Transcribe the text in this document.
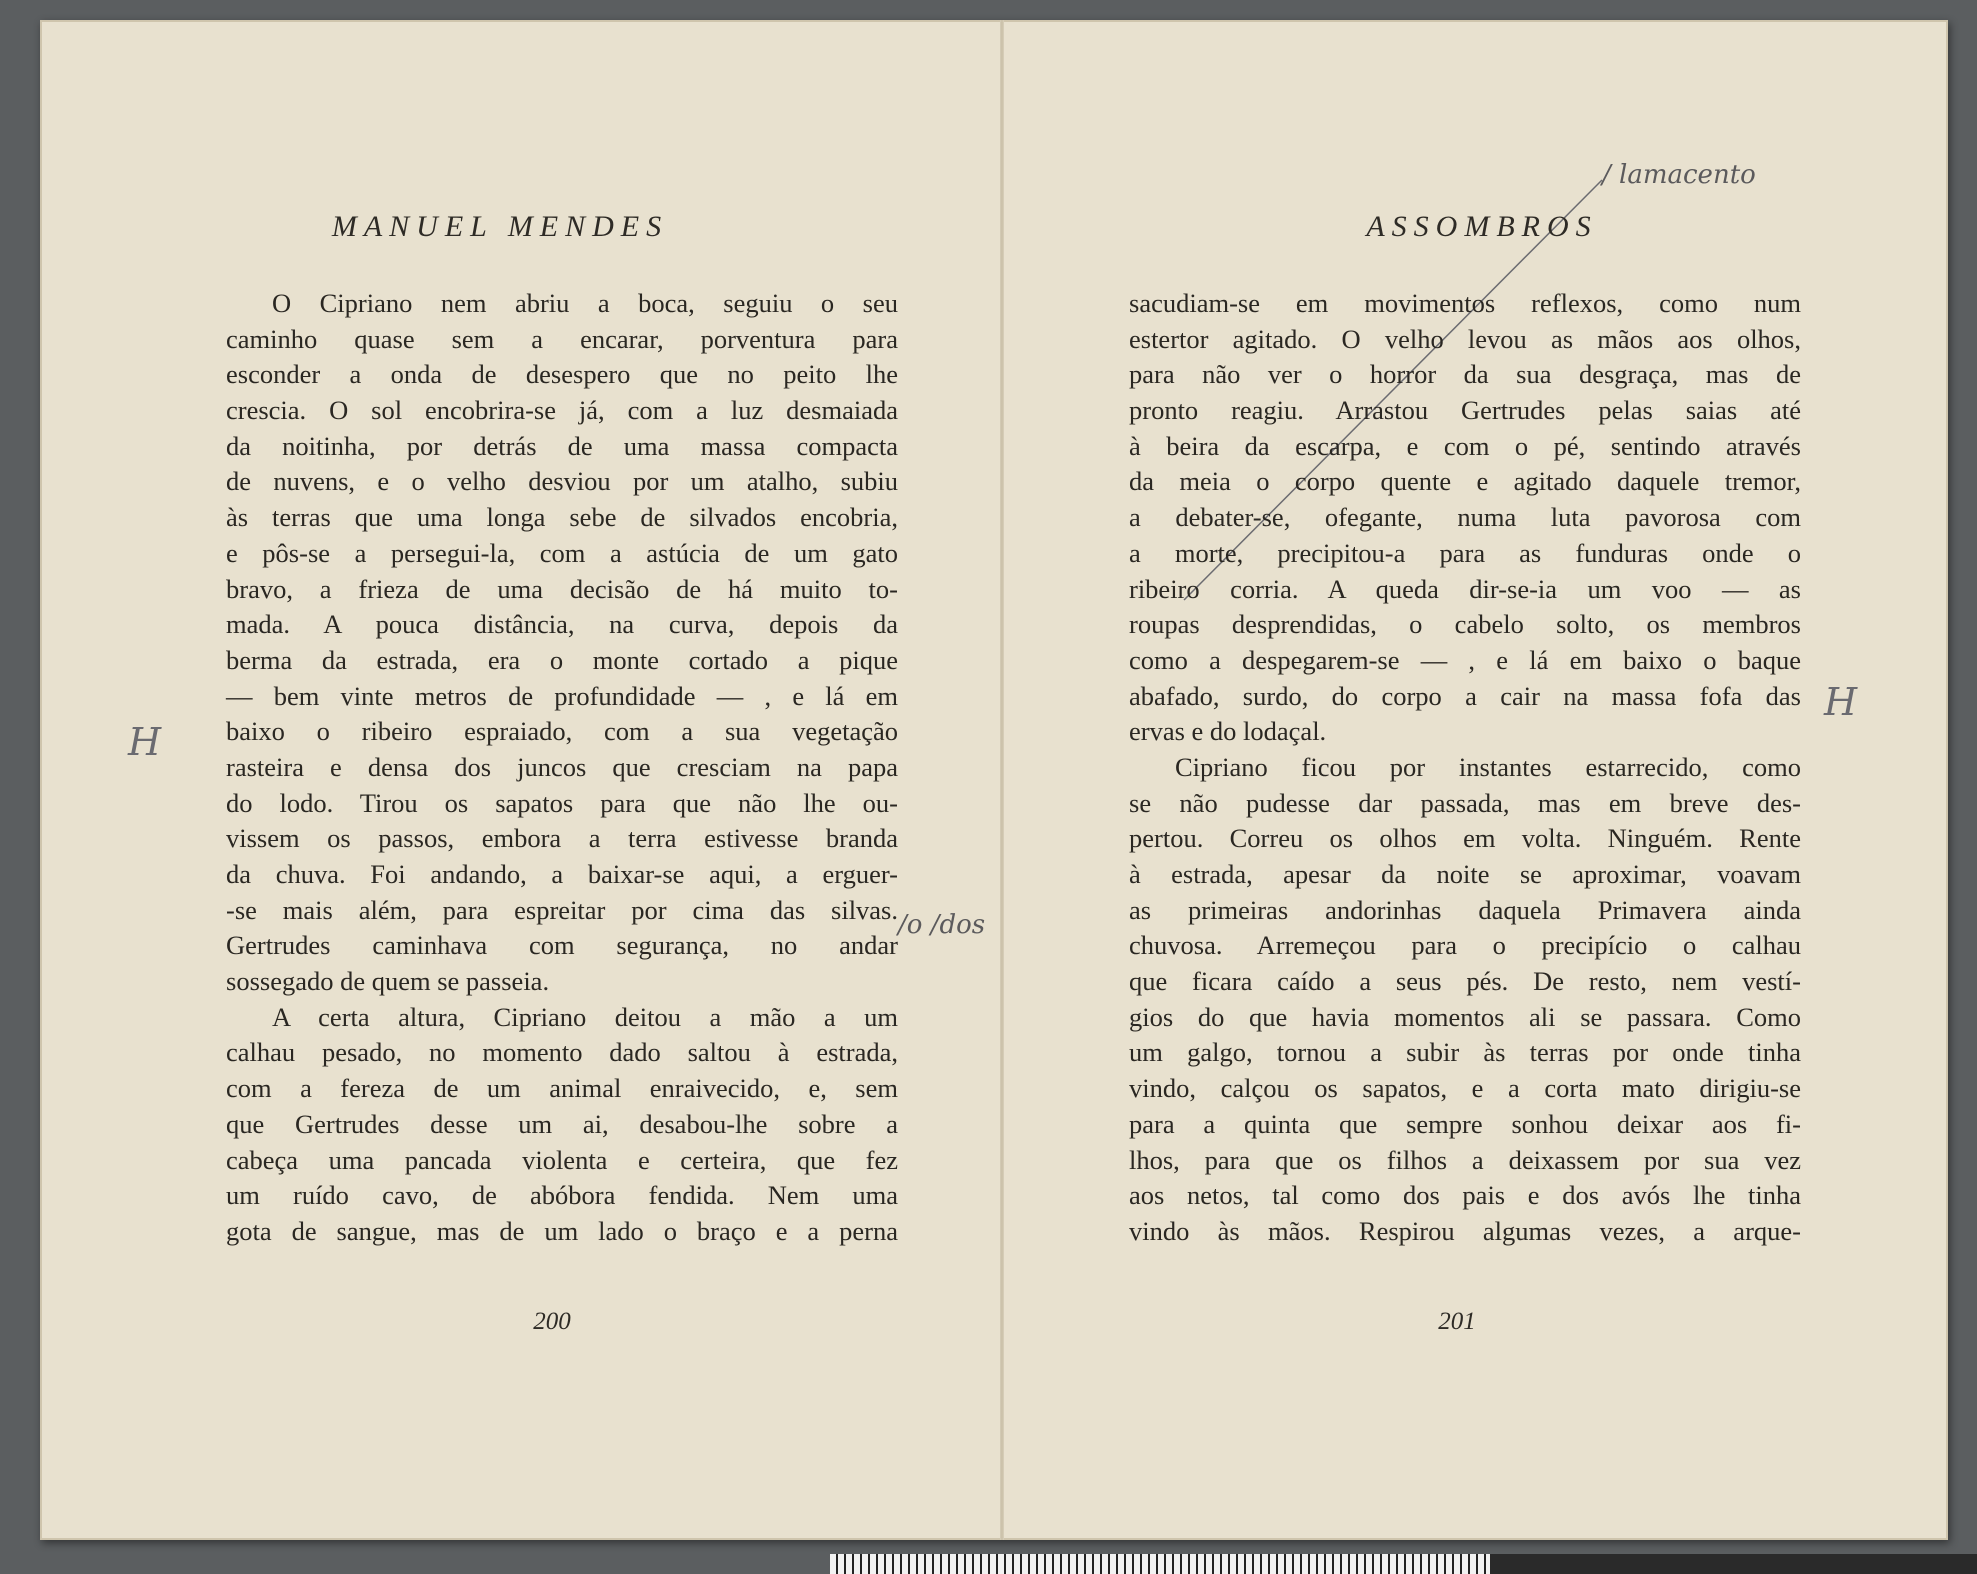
MANUEL MENDES
O Cipriano nem abriu a boca, seguiu o seu
caminho quase sem a encarar, porventura para
esconder a onda de desespero que no peito lhe
crescia. O sol encobrira-se já, com a luz desmaiada
da noitinha, por detrás de uma massa compacta
de nuvens, e o velho desviou por um atalho, subiu
às terras que uma longa sebe de silvados encobria,
e pôs-se a persegui-la, com a astúcia de um gato
bravo, a frieza de uma decisão de há muito to-
mada. A pouca distância, na curva, depois da
berma da estrada, era o monte cortado a pique
— bem vinte metros de profundidade — , e lá em
baixo o ribeiro espraiado, com a sua vegetação
rasteira e densa dos juncos que cresciam na papa
do lodo. Tirou os sapatos para que não lhe ou-
vissem os passos, embora a terra estivesse branda
da chuva. Foi andando, a baixar-se aqui, a erguer-
-se mais além, para espreitar por cima das silvas.
Gertrudes caminhava com segurança, no andar
sossegado de quem se passeia.
A certa altura, Cipriano deitou a mão a um
calhau pesado, no momento dado saltou à estrada,
com a fereza de um animal enraivecido, e, sem
que Gertrudes desse um ai, desabou-lhe sobre a
cabeça uma pancada violenta e certeira, que fez
um ruído cavo, de abóbora fendida. Nem uma
gota de sangue, mas de um lado o braço e a perna
200
H
/o /dos
/ lamacento
ASSOMBROS
sacudiam-se em movimentos reflexos, como num
estertor agitado. O velho levou as mãos aos olhos,
para não ver o horror da sua desgraça, mas de
pronto reagiu. Arrastou Gertrudes pelas saias até
à beira da escarpa, e com o pé, sentindo através
da meia o corpo quente e agitado daquele tremor,
a debater-se, ofegante, numa luta pavorosa com
a morte, precipitou-a para as funduras onde o
ribeiro corria. A queda dir-se-ia um voo — as
roupas desprendidas, o cabelo solto, os membros
como a despegarem-se — , e lá em baixo o baque
abafado, surdo, do corpo a cair na massa fofa das
ervas e do lodaçal.
Cipriano ficou por instantes estarrecido, como
se não pudesse dar passada, mas em breve des-
pertou. Correu os olhos em volta. Ninguém. Rente
à estrada, apesar da noite se aproximar, voavam
as primeiras andorinhas daquela Primavera ainda
chuvosa. Arremeçou para o precipício o calhau
que ficara caído a seus pés. De resto, nem vestí-
gios do que havia momentos ali se passara. Como
um galgo, tornou a subir às terras por onde tinha
vindo, calçou os sapatos, e a corta mato dirigiu-se
para a quinta que sempre sonhou deixar aos fi-
lhos, para que os filhos a deixassem por sua vez
aos netos, tal como dos pais e dos avós lhe tinha
vindo às mãos. Respirou algumas vezes, a arque-
201
H
